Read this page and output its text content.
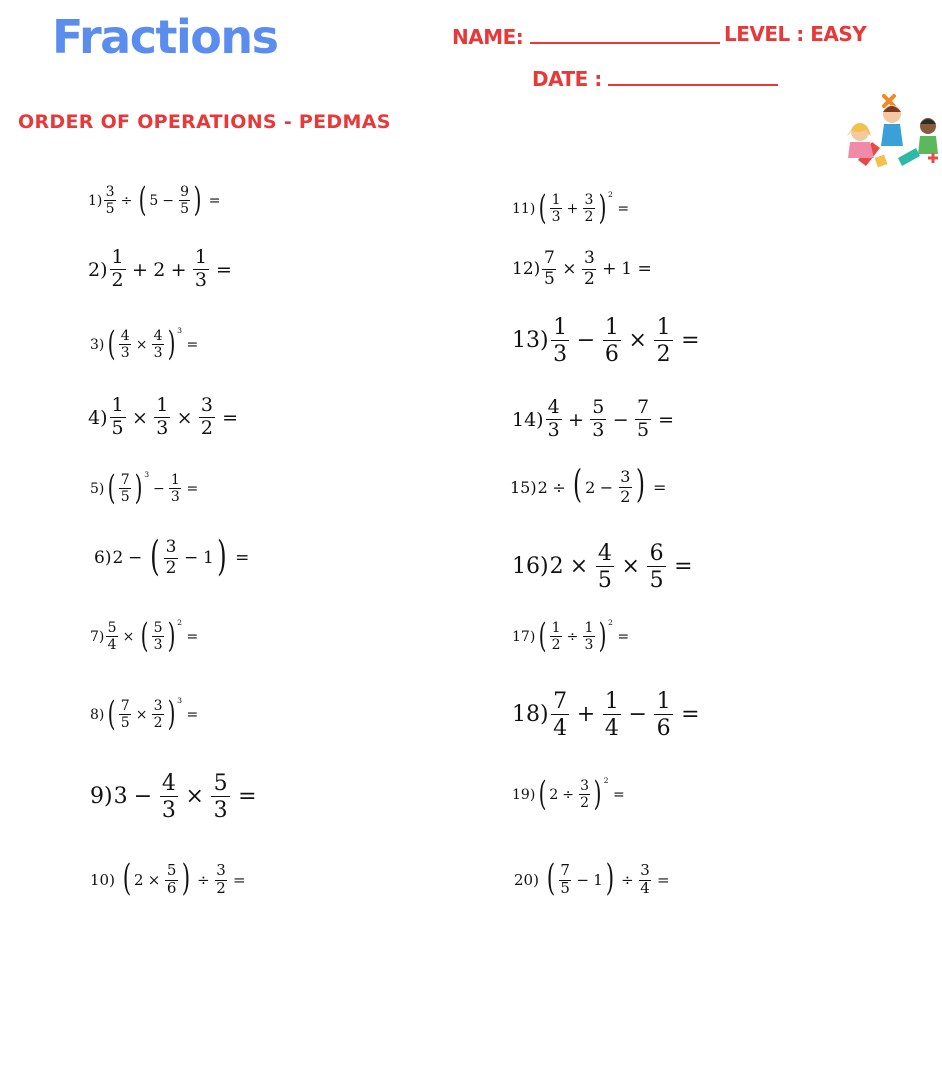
Fractions	NAME:	LEVEL : EASY
DATE :
ORDER OF OPERATIONS - PEDMAS
$1) \frac{3}{5}$ ÷ ( $5 - \frac{9}{5}$ ) =
$2) \frac{1}{2} + 2 + \frac{1}{3}$ =
3) ( $\frac{4}{3} \times \frac{4}{3}$ ) 3
=
$4) \frac{1}{5} \times \frac{1}{3} \times \frac{3}{2}$ =
5) ( $\frac{7}{5}$ ) 3
− $\frac{1}{3}$ =
6) 2 − ( $\frac{3}{2} - 1$ ) =
$7) \frac{5}{4}$ × ( $\frac{5}{3}$ ) 2
=
8) ( $\frac{7}{5} \times \frac{3}{2}$ ) 3
=
9) $3 - \frac{4}{3} \times \frac{5}{3}$ =
10) ( $2 \times \frac{5}{6}$ ) ÷ $\frac{3}{2}$ =
11) ( $\frac{1}{3} + \frac{3}{2}$ ) 2
=
$12) \frac{7}{5} \times \frac{3}{2} + 1$ =
$13) \frac{1}{3} - \frac{1}{6} \times \frac{1}{2}$ =
$14) \frac{4}{3} + \frac{5}{3} - \frac{7}{5}$ =
15) 2 ÷ ( $2 - \frac{3}{2}$ ) =
16) $2 \times \frac{4}{5} \times \frac{6}{5}$ =
17) ( $\frac{1}{2} \div \frac{1}{3}$ ) 2
=
$18) \frac{7}{4} + \frac{1}{4} - \frac{1}{6}$ =
19) ( $2 \div \frac{3}{2}$ ) 2
=
20) ( $\frac{7}{5} - 1$ ) ÷ $\frac{3}{4}$ =
